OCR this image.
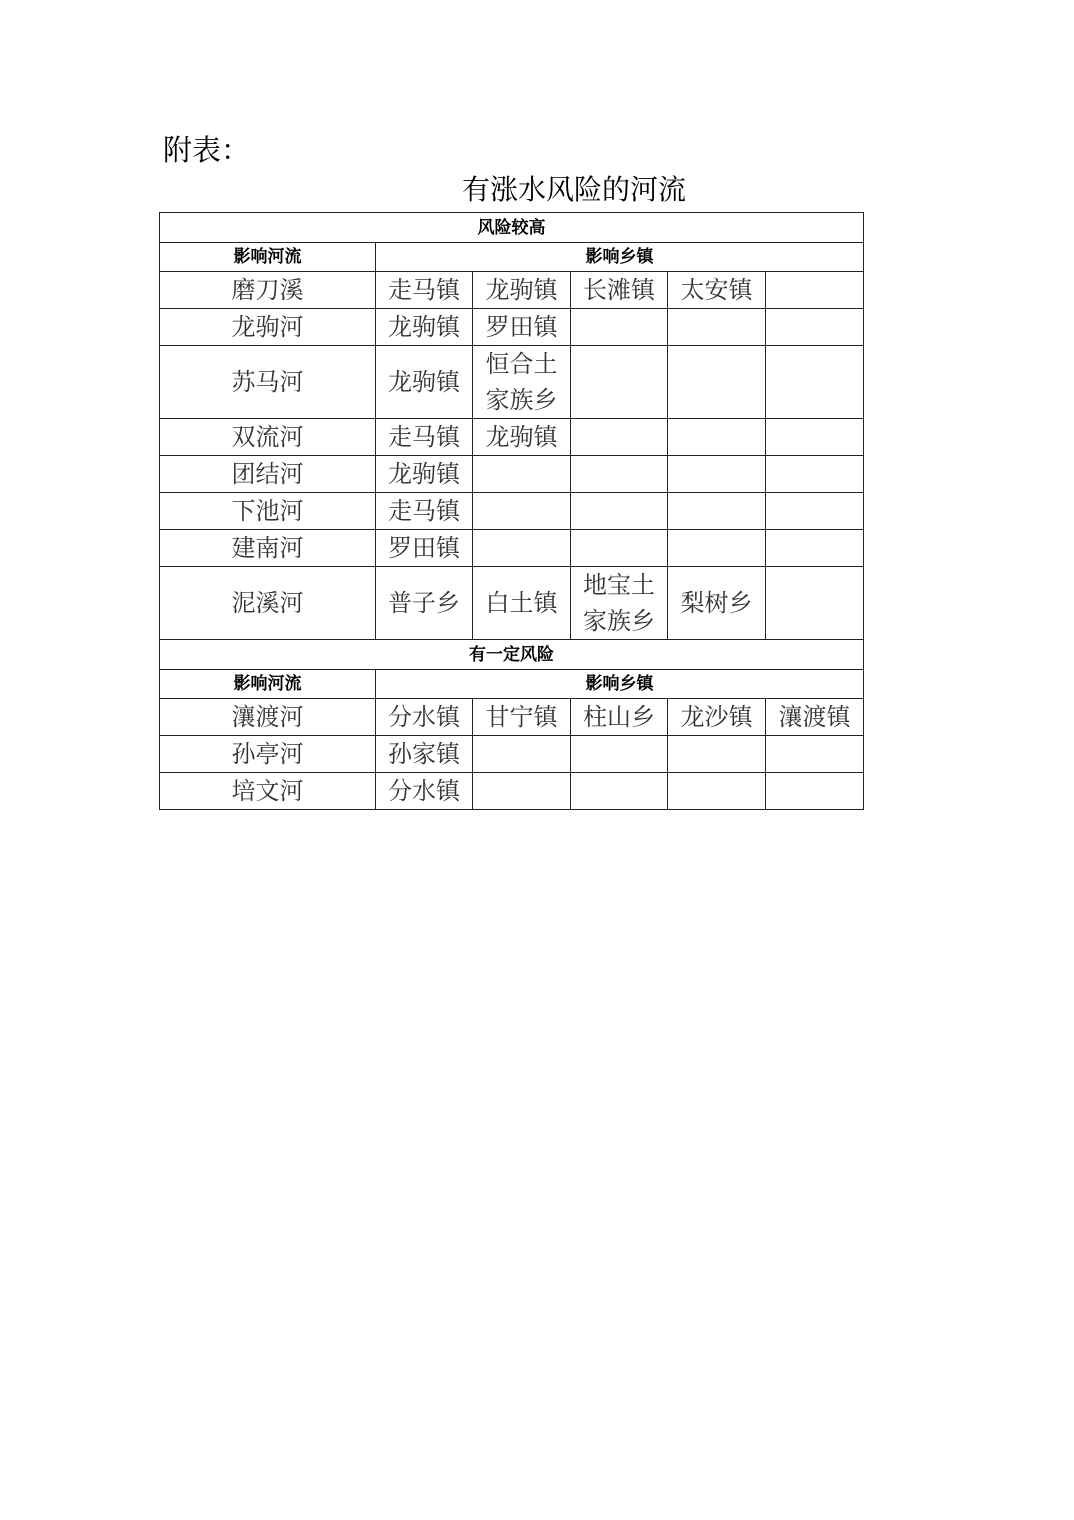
附表：
有涨水风险的河流
风险较高					
影响河流	影响乡镇				
磨刀溪	走马镇	龙驹镇	长滩镇	太安镇	
龙驹河	龙驹镇	罗田镇			
苏马河	龙驹镇	恒合土家族乡			
双流河	走马镇	龙驹镇			
团结河	龙驹镇				
下池河	走马镇				
建南河	罗田镇				
泥溪河	普子乡	白土镇	地宝土家族乡	梨树乡	
有一定风险					
影响河流	影响乡镇				
瀼渡河	分水镇	甘宁镇	柱山乡	龙沙镇	瀼渡镇
孙亭河	孙家镇				
培文河	分水镇				
